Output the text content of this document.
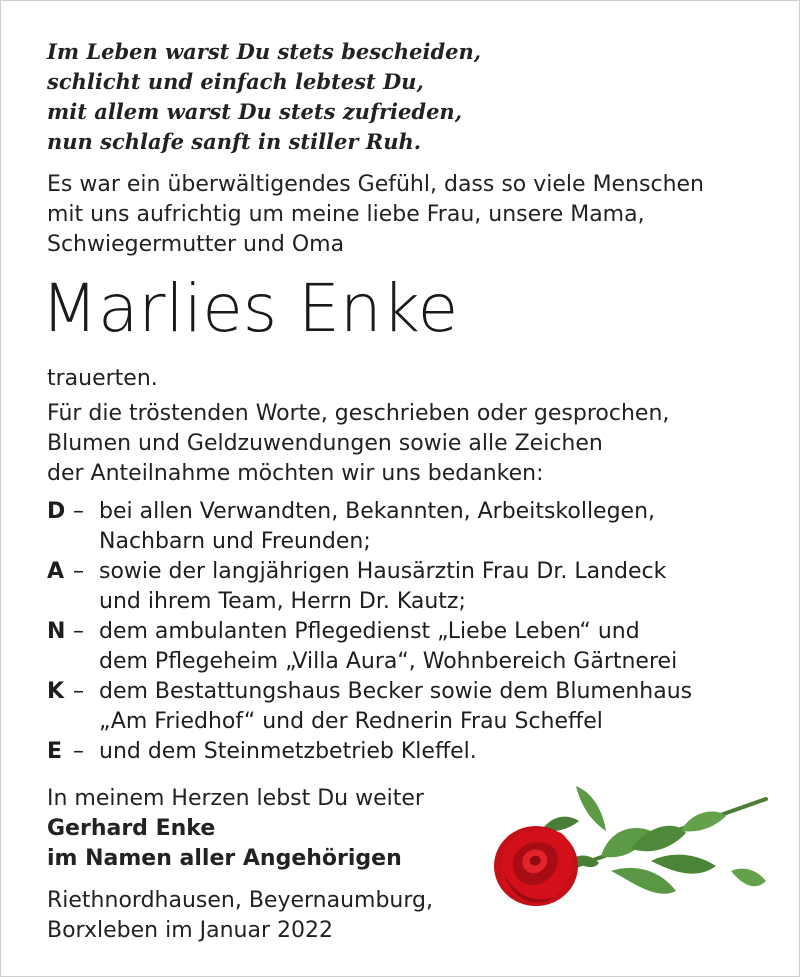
Im Leben warst Du stets bescheiden,
schlicht und einfach lebtest Du,
mit allem warst Du stets zufrieden,
nun schlafe sanft in stiller Ruh.
Es war ein überwältigendes Gefühl, dass so viele Menschen
mit uns aufrichtig um meine liebe Frau, unsere Mama,
Schwiegermutter und Oma
Marlies Enke
trauerten.
Für die tröstenden Worte, geschrieben oder gesprochen,
Blumen und Geldzuwendungen sowie alle Zeichen
der Anteilnahme möchten wir uns bedanken:
D – bei allen Verwandten, Bekannten, Arbeitskollegen,
Nachbarn und Freunden;
A – sowie der langjährigen Hausärztin Frau Dr. Landeck
und ihrem Team, Herrn Dr. Kautz;
N – dem ambulanten Pflegedienst „Liebe Leben“ und
dem Pflegeheim „Villa Aura“, Wohnbereich Gärtnerei
K – dem Bestattungshaus Becker sowie dem Blumenhaus
„Am Friedhof“ und der Rednerin Frau Scheffel
E – und dem Steinmetzbetrieb Kleffel.
In meinem Herzen lebst Du weiter
Gerhard Enke
im Namen aller Angehörigen
Riethnordhausen, Beyernaumburg,
Borxleben im Januar 2022
